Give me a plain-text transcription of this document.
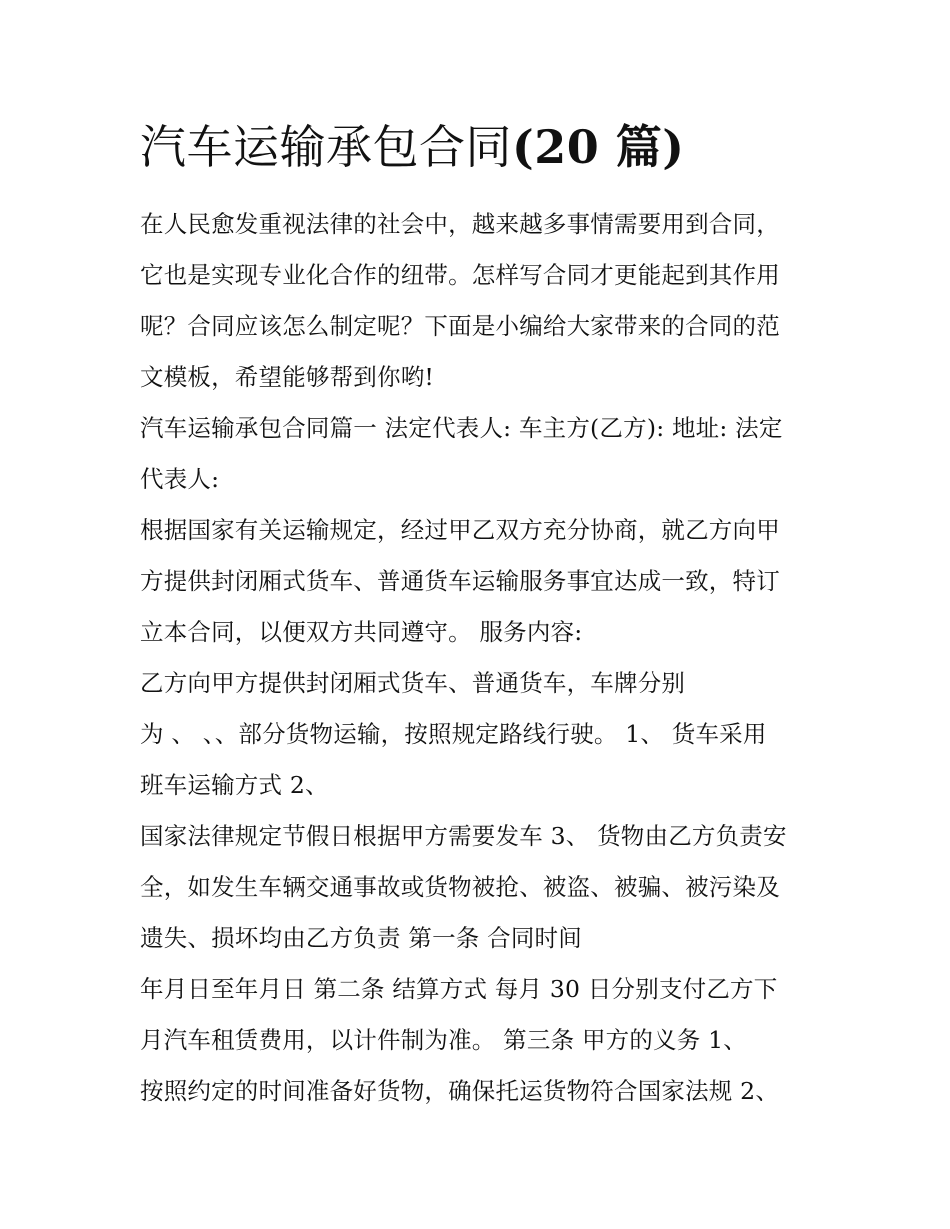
汽车运输承包合同(20 篇)
在人民愈发重视法律的社会中，越来越多事情需要用到合同，
它也是实现专业化合作的纽带。怎样写合同才更能起到其作用
呢？合同应该怎么制定呢？下面是小编给大家带来的合同的范
文模板，希望能够帮到你哟!
汽车运输承包合同篇一 法定代表人: 车主方(乙方): 地址: 法定
代表人:
根据国家有关运输规定，经过甲乙双方充分协商，就乙方向甲
方提供封闭厢式货车、普通货车运输服务事宜达成一致，特订
立本合同，以便双方共同遵守。 服务内容:
乙方向甲方提供封闭厢式货车、普通货车，车牌分别
为 、 、、部分货物运输，按照规定路线行驶。 1、 货车采用
班车运输方式 2、
国家法律规定节假日根据甲方需要发车 3、 货物由乙方负责安
全，如发生车辆交通事故或货物被抢、被盗、被骗、被污染及
遗失、损坏均由乙方负责 第一条 合同时间
年月日至年月日 第二条 结算方式 每月 30 日分别支付乙方下
月汽车租赁费用，以计件制为准。 第三条 甲方的义务 1、
按照约定的时间准备好货物，确保托运货物符合国家法规 2、
